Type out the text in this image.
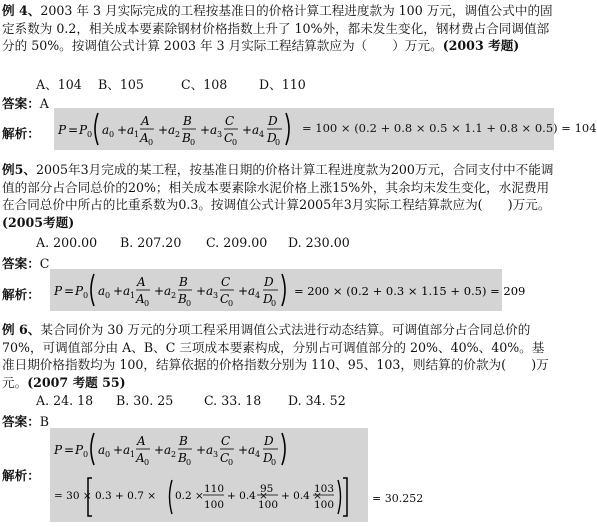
例 4、2003 年 3 月实际完成的工程按基准日的价格计算工程进度款为 100 万元，调值公式中的固定系数为 0.2，相关成本要素除钢材价格指数上升了 10%外，都未发生变化，钢材费占合同调值部分的 50%。按调值公式计算 2003 年 3 月实际工程结算款应为（　　）万元。(2003 考题)

A、104 B、105	C、108	D、110
答案：A
解析： P = P 0 a 0 + a 1
A
A 0
+ a 2
B
B 0
+ a 3
C
C
0
+ a 4
D
D
0
= 100 × (0.2 + 0.8 × 0.5 × 1.1 + 0.8 × 0.5) = 104

例5、2005年3月完成的某工程，按基准日期的价格计算工程进度款为200万元，合同支付中不能调值的部分占合同总价的20%；相关成本要素除水泥价格上涨15%外，其余均未发生变化，水泥费用在合同总价中所占的比重系数为0.3。按调值公式计算2005年3月实际工程结算款应为(　　)万元。(2005考题)

A. 200.00 B. 207.20 C. 209.00 D. 230.00
答案：C
解析： P = P 0 a 0 + a 1
A
A 0
+ a 2
B
B 0
+ a 3
C
C
0
+ a 4
D
D
0
= 200 × (0.2 + 0.3 × 1.15 + 0.5) = 209

例 6、某合同价为 30 万元的分项工程采用调值公式法进行动态结算。可调值部分占合同总价的 70%，可调值部分由 A、B、C 三项成本要素构成，分别占可调值部分的 20%、40%、40%。基准日期价格指数均为 100，结算依据的价格指数分别为 110、95、103，则结算的价款为(　　)万元。(2007 考题 55)

A. 24. 18 B. 30. 25 C. 33. 18 D. 34. 52
答案：B
解析：
P = P 0 a 0 + a 1
A
A 0
+ a 2
B
B 0
+ a 3
C
C
0
+ a 4
D
D
0
= 30 × 0.3 + 0.7 × 0.2 ×
110
100
+ 0.4 ×
95
100
+ 0.4 ×
103
100	= 30.252
